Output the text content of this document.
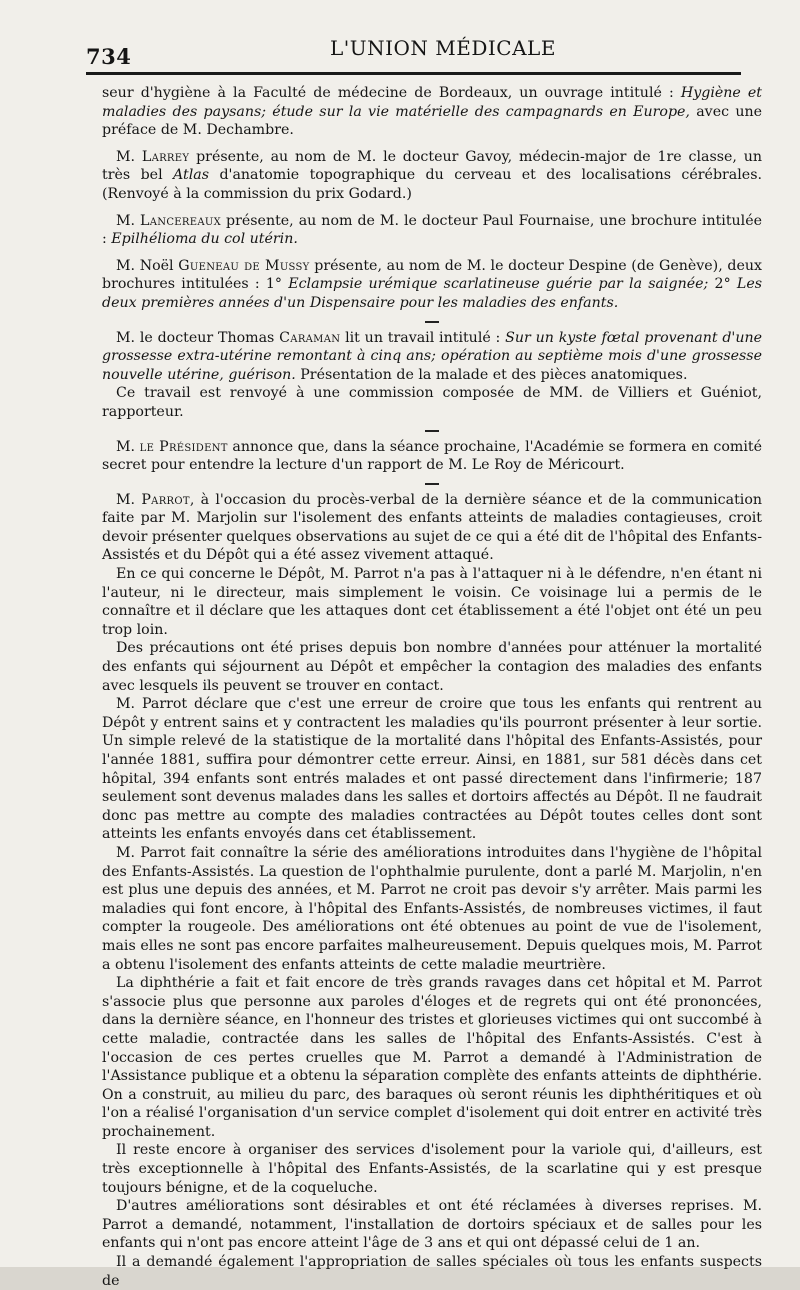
734	L'UNION MÉDICALE

seur d'hygiène à la Faculté de médecine de Bordeaux, un ouvrage intitulé : Hygiène et maladies des paysans; étude sur la vie matérielle des campagnards en Europe, avec une préface de M. Dechambre.

M. Larrey présente, au nom de M. le docteur Gavoy, médecin-major de 1re classe, un très bel Atlas d'anatomie topographique du cerveau et des localisations cérébrales. (Renvoyé à la commission du prix Godard.)

M. Lancereaux présente, au nom de M. le docteur Paul Fournaise, une brochure intitulée : Epilhélioma du col utérin.

M. Noël Gueneau de Mussy présente, au nom de M. le docteur Despine (de Genève), deux brochures intitulées : 1° Eclampsie urémique scarlatineuse guérie par la saignée; 2° Les deux premières années d'un Dispensaire pour les maladies des enfants.

M. le docteur Thomas Caraman lit un travail intitulé : Sur un kyste fœtal provenant d'une grossesse extra-utérine remontant à cinq ans; opération au septième mois d'une grossesse nouvelle utérine, guérison. Présentation de la malade et des pièces anatomiques.

Ce travail est renvoyé à une commission composée de MM. de Villiers et Guéniot, rapporteur.

M. le Président annonce que, dans la séance prochaine, l'Académie se formera en comité secret pour entendre la lecture d'un rapport de M. Le Roy de Méricourt.

M. Parrot, à l'occasion du procès-verbal de la dernière séance et de la communication faite par M. Marjolin sur l'isolement des enfants atteints de maladies contagieuses, croit devoir présenter quelques observations au sujet de ce qui a été dit de l'hôpital des Enfants-Assistés et du Dépôt qui a été assez vivement attaqué.

En ce qui concerne le Dépôt, M. Parrot n'a pas à l'attaquer ni à le défendre, n'en étant ni l'auteur, ni le directeur, mais simplement le voisin. Ce voisinage lui a permis de le connaître et il déclare que les attaques dont cet établissement a été l'objet ont été un peu trop loin.

Des précautions ont été prises depuis bon nombre d'années pour atténuer la mortalité des enfants qui séjournent au Dépôt et empêcher la contagion des maladies des enfants avec lesquels ils peuvent se trouver en contact.

M. Parrot déclare que c'est une erreur de croire que tous les enfants qui rentrent au Dépôt y entrent sains et y contractent les maladies qu'ils pourront présenter à leur sortie. Un simple relevé de la statistique de la mortalité dans l'hôpital des Enfants-Assistés, pour l'année 1881, suffira pour démontrer cette erreur. Ainsi, en 1881, sur 581 décès dans cet hôpital, 394 enfants sont entrés malades et ont passé directement dans l'infirmerie; 187 seulement sont devenus malades dans les salles et dortoirs affectés au Dépôt. Il ne faudrait donc pas mettre au compte des maladies contractées au Dépôt toutes celles dont sont atteints les enfants envoyés dans cet établissement.

M. Parrot fait connaître la série des améliorations introduites dans l'hygiène de l'hôpital des Enfants-Assistés. La question de l'ophthalmie purulente, dont a parlé M. Marjolin, n'en est plus une depuis des années, et M. Parrot ne croit pas devoir s'y arrêter. Mais parmi les maladies qui font encore, à l'hôpital des Enfants-Assistés, de nombreuses victimes, il faut compter la rougeole. Des améliorations ont été obtenues au point de vue de l'isolement, mais elles ne sont pas encore parfaites malheureusement. Depuis quelques mois, M. Parrot a obtenu l'isolement des enfants atteints de cette maladie meurtrière.

La diphthérie a fait et fait encore de très grands ravages dans cet hôpital et M. Parrot s'associe plus que personne aux paroles d'éloges et de regrets qui ont été prononcées, dans la dernière séance, en l'honneur des tristes et glorieuses victimes qui ont succombé à cette maladie, contractée dans les salles de l'hôpital des Enfants-Assistés. C'est à l'occasion de ces pertes cruelles que M. Parrot a demandé à l'Administration de l'Assistance publique et a obtenu la séparation complète des enfants atteints de diphthérie. On a construit, au milieu du parc, des baraques où seront réunis les diphthéritiques et où l'on a réalisé l'organisation d'un service complet d'isolement qui doit entrer en activité très prochainement.

Il reste encore à organiser des services d'isolement pour la variole qui, d'ailleurs, est très exceptionnelle à l'hôpital des Enfants-Assistés, de la scarlatine qui y est presque toujours bénigne, et de la coqueluche.

D'autres améliorations sont désirables et ont été réclamées à diverses reprises. M. Parrot a demandé, notamment, l'installation de dortoirs spéciaux et de salles pour les enfants qui n'ont pas encore atteint l'âge de 3 ans et qui ont dépassé celui de 1 an.

Il a demandé également l'appropriation de salles spéciales où tous les enfants suspects de
